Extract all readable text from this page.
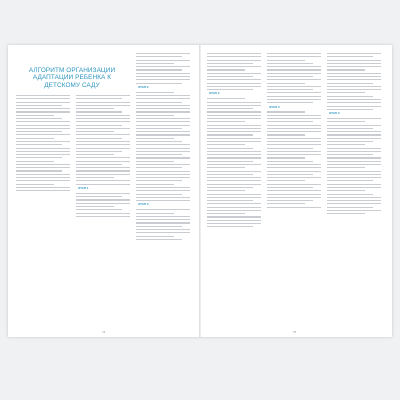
АЛГОРИТМ ОРГАНИЗАЦИИ АДАПТАЦИИ РЕБЕНКА К ДЕТСКОМУ САДУ
ЭТАП 1
ЭТАП 2
ЭТАП 3
74
ЭТАП 2
ЭТАП 3
ЭТАП 3
75
